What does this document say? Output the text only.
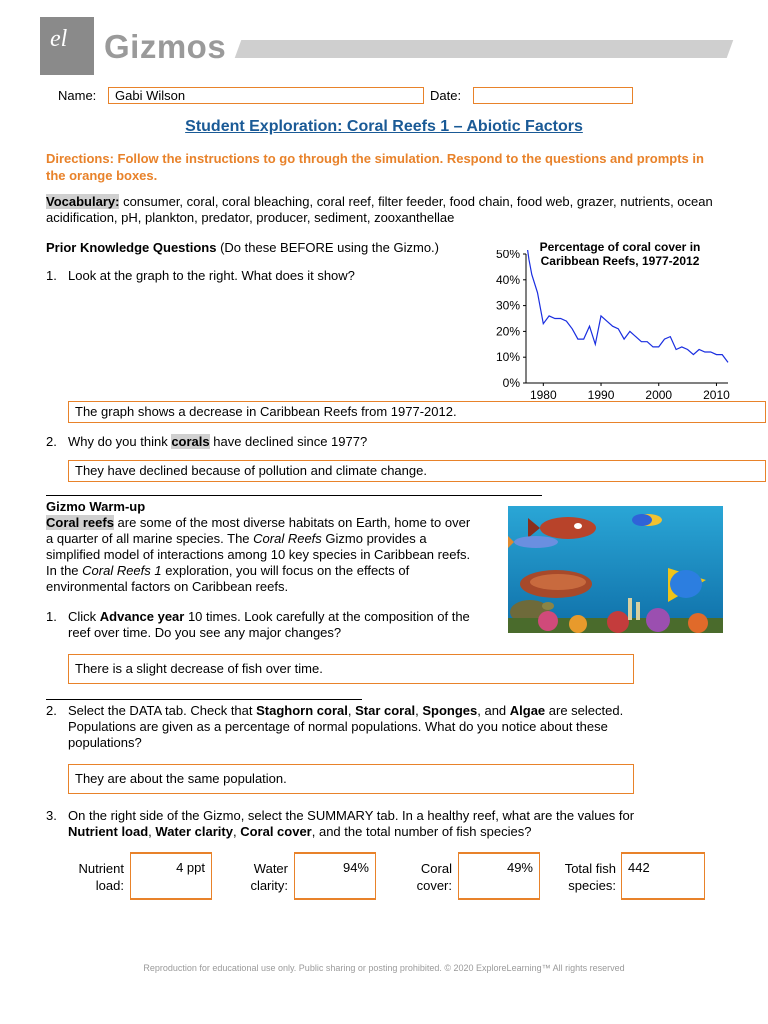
el Gizmos
Name:	Gabi Wilson	Date:
Student Exploration: Coral Reefs 1 – Abiotic Factors
Directions: Follow the instructions to go through the simulation. Respond to the questions and prompts in the orange boxes.
Vocabulary: consumer, coral, coral bleaching, coral reef, filter feeder, food chain, food web, grazer, nutrients, ocean acidification, pH, plankton, predator, producer, sediment, zooxanthellae
Prior Knowledge Questions (Do these BEFORE using the Gizmo.)
1. Look at the graph to the right. What does it show?
Percentage of coral cover in Caribbean Reefs, 1977-2012
0%
10%
20%
30%
40%
50%
1980	1990	2000	2010
The graph shows a decrease in Caribbean Reefs from 1977-2012.
2. Why do you think corals have declined since 1977?
They have declined because of pollution and climate change.
Gizmo Warm-up
Coral reefs are some of the most diverse habitats on Earth, home to over
a quarter of all marine species. The Coral Reefs Gizmo provides a
simplified model of interactions among 10 key species in Caribbean reefs.
In the Coral Reefs 1 exploration, you will focus on the effects of
environmental factors on Caribbean reefs.
1. Click Advance year 10 times. Look carefully at the composition of the
reef over time. Do you see any major changes?
There is a slight decrease of fish over time.
2. Select the DATA tab. Check that Staghorn coral, Star coral, Sponges, and Algae are selected.
Populations are given as a percentage of normal populations. What do you notice about these
populations?
They are about the same population.
3. On the right side of the Gizmo, select the SUMMARY tab. In a healthy reef, what are the values for
Nutrient load, Water clarity, Coral cover, and the total number of fish species?
Nutrient
load:
4 ppt	Water
clarity:
94%	Coral
cover:
49%	Total fish
species:
442
Reproduction for educational use only. Public sharing or posting prohibited. © 2020 ExploreLearning™ All rights reserved
